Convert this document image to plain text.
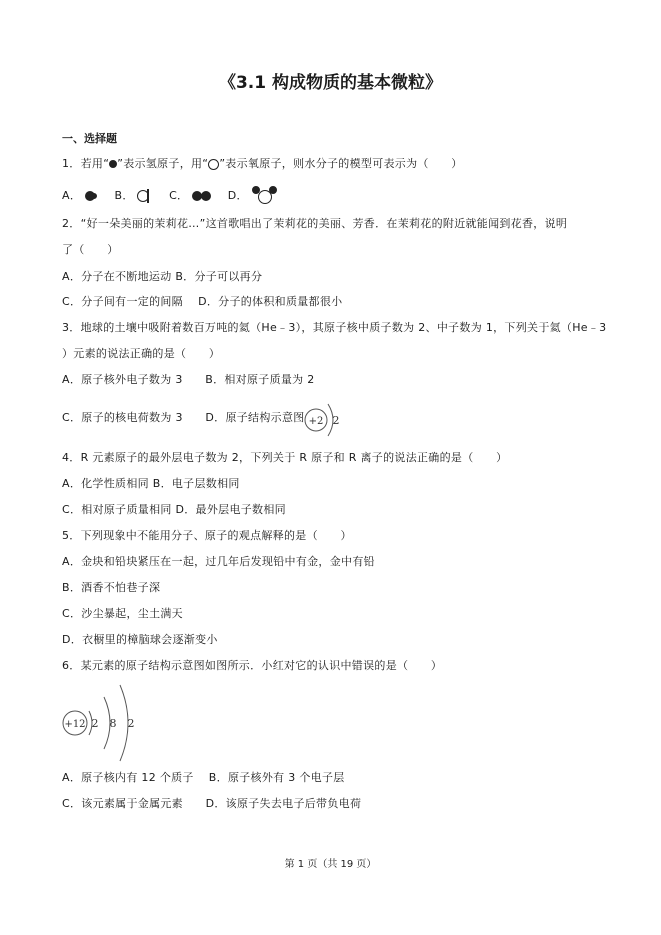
《3.1 构成物质的基本微粒》
一、选择题
1．若用“ ”表示氢原子，用“ ”表示氧原子，则水分子的模型可表示为（　　）
A．	B．	C．	D．
2．“好一朵美丽的茉莉花…”这首歌唱出了茉莉花的美丽、芳香．在茉莉花的附近就能闻到花香，说明
了（　　）
A．分子在不断地运动 B．分子可以再分
C．分子间有一定的间隔　 D．分子的体积和质量都很小
3．地球的土壤中吸附着数百万吨的氦（He﹣3），其原子核中质子数为 2、中子数为 1，下列关于氦（He﹣3
）元素的说法正确的是（　　）
A．原子核外电子数为 3　　B．相对原子质量为 2
C．原子的核电荷数为 3　　D．原子结构示意图 +2 2
4．R 元素原子的最外层电子数为 2，下列关于 R 原子和 R 离子的说法正确的是（　　）
A．化学性质相同 B．电子层数相同
C．相对原子质量相同 D．最外层电子数相同
5．下列现象中不能用分子、原子的观点解释的是（　　）
A．金块和铅块紧压在一起，过几年后发现铅中有金，金中有铅
B．酒香不怕巷子深
C．沙尘暴起，尘土满天
D．衣橱里的樟脑球会逐渐变小
6．某元素的原子结构示意图如图所示．小红对它的认识中错误的是（　　）
+12 2 8 2
A．原子核内有 12 个质子　 B．原子核外有 3 个电子层
C．该元素属于金属元素　　D．该原子失去电子后带负电荷
第 1 页（共 19 页）
